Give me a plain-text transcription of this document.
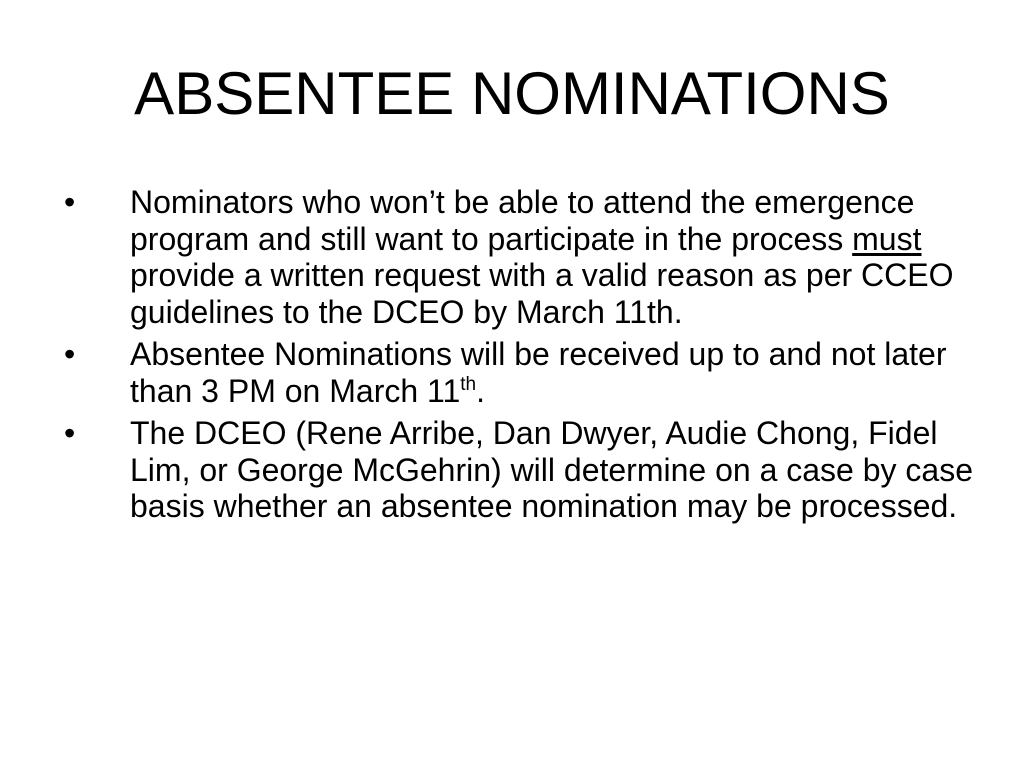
ABSENTEE NOMINATIONS
•	Nominators who won’t be able to attend the emergence program and still want to participate in the process must provide a written request with a valid reason as per CCEO guidelines to the DCEO by March 11th.
•	Absentee Nominations will be received up to and not later than 3 PM on March 11th.
•	The DCEO (Rene Arribe, Dan Dwyer, Audie Chong, Fidel Lim, or George McGehrin) will determine on a case by case basis whether an absentee nomination may be processed.
